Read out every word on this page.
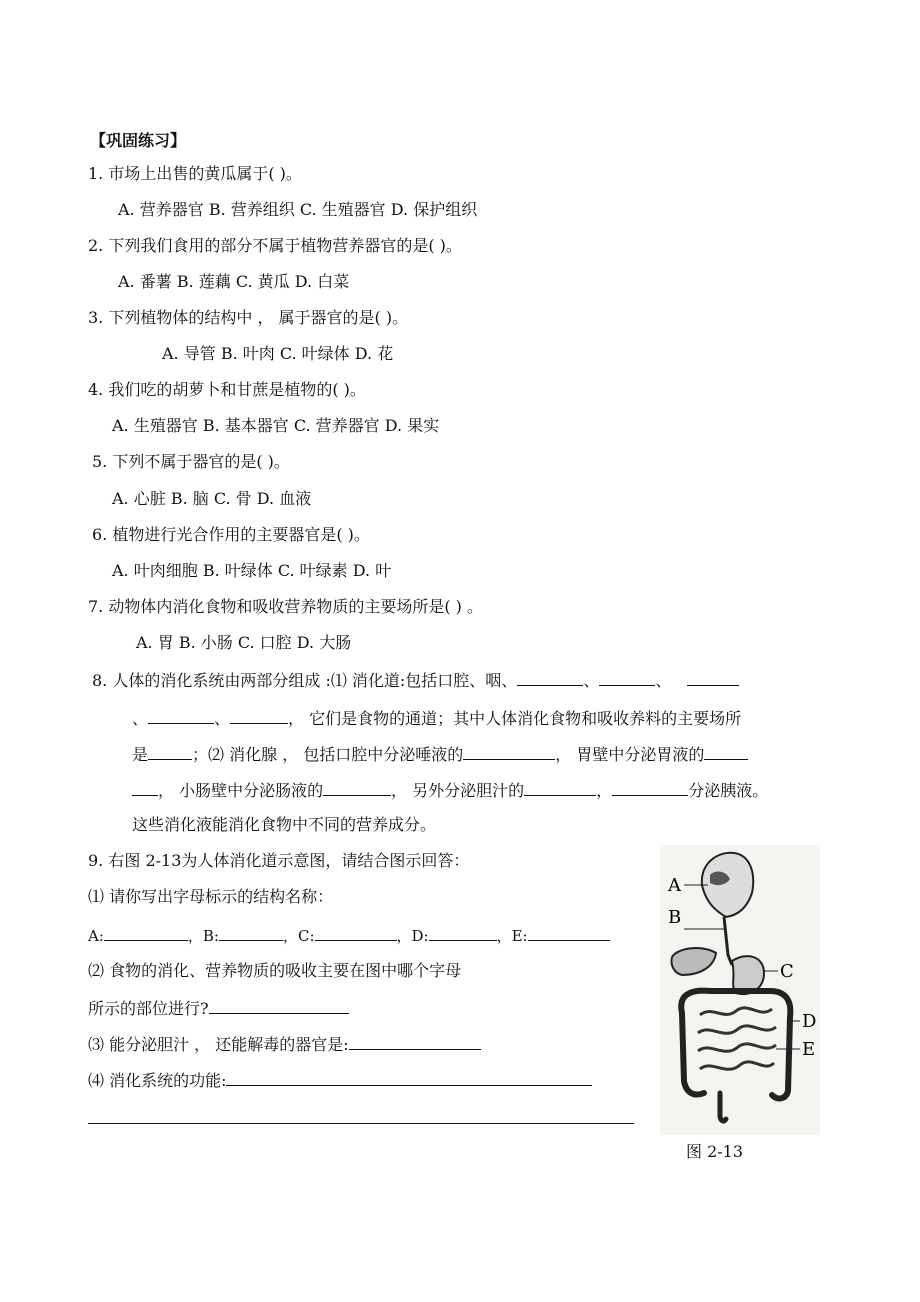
【巩固练习】
1. 市场上出售的黄瓜属于( )。
A. 营养器官 B. 营养组织 C. 生殖器官 D. 保护组织
2. 下列我们食用的部分不属于植物营养器官的是( )。
A. 番薯 B. 莲藕 C. 黄瓜 D. 白菜
3. 下列植物体的结构中 ， 属于器官的是( )。
A. 导管 B. 叶肉 C. 叶绿体 D. 花
4. 我们吃的胡萝卜和甘蔗是植物的( )。
A. 生殖器官 B. 基本器官 C. 营养器官 D. 果实
5. 下列不属于器官的是( )。
A. 心脏 B. 脑 C. 骨 D. 血液
6. 植物进行光合作用的主要器官是( )。
A. 叶肉细胞 B. 叶绿体 C. 叶绿素 D. 叶
7. 动物体内消化食物和吸收营养物质的主要场所是( ) 。
A. 胃 B. 小肠 C. 口腔 D. 大肠
8. 人体的消化系统由两部分组成 :⑴ 消化道:包括口腔、咽、	、	、
、	、	， 它们是食物的通道；其中人体消化食物和吸收养料的主要场所
是	；⑵ 消化腺 ， 包括口腔中分泌唾液的	， 胃壁中分泌胃液的
， 小肠壁中分泌肠液的	， 另外分泌胆汁的	，	分泌胰液。
这些消化液能消化食物中不同的营养成分。
9. 右图 2-13为人体消化道示意图，请结合图示回答：
⑴ 请你写出字母标示的结构名称：
A:	，B:	，C:	，D:	，E:
⑵ 食物的消化、营养物质的吸收主要在图中哪个字母
所示的部位进行?
⑶ 能分泌胆汁 ， 还能解毒的器官是:
⑷ 消化系统的功能:
A
B
C
D
E
图 2-13
